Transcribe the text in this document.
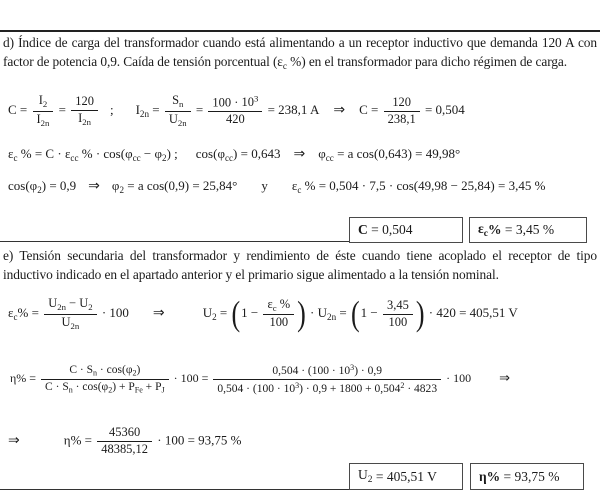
d) Índice de carga del transformador cuando está alimentando a un receptor inductivo que demanda 120 A con factor de potencia 0,9. Caída de tensión porcentual ($\varepsilon_c$ %) en el transformador para dicho régimen de carga.
$C = \frac{I_2}{I_{2n}} = \frac{120}{I_{2n}}$ ; $I_{2n} = \frac{S_n}{U_{2n}} = \frac{100 \cdot 10^3}{420} = 238,1$ A ⇒ $C = \frac{120}{238,1} = 0,504$
$\varepsilon_c$ % = $C \cdot \varepsilon_{cc}$ % · $\cos(\varphi_{cc} - \varphi_2)$ ; $\cos(\varphi_{cc}) = 0,643$ ⇒ $\varphi_{cc} = a$ cos(0,643) = 49,98°
$\cos(\varphi_2) = 0,9$ ⇒ $\varphi_2 = a$ cos(0,9) = 25,84° y $\varepsilon_c$ % = 0,504 · 7,5 · cos(49,98 − 25,84) = 3,45 %
C = 0,504	$\varepsilon_c$ % = 3,45 %
e) Tensión secundaria del transformador y rendimiento de éste cuando tiene acoplado el receptor de tipo inductivo indicado en el apartado anterior y el primario sigue alimentado a la tensión nominal.
$\varepsilon_c\% = \frac{U_{2n} - U_2}{U_{2n}} \cdot 100$ ⇒	$U_2 = (1 - \frac{\varepsilon_c \%}{100}$ ) · $U_{2n} = (1 - \frac{3,45}{100}$ ) · 420 = 405,51 V
$\eta\% = \frac{C \cdot S_n \cdot \cos(\varphi_2)}{C \cdot S_n \cdot \cos(\varphi_2) + P_{Fe} + P_J} \cdot 100 = \frac{0,504 \cdot (100 \cdot 10^3) \cdot 0,9}{0,504 \cdot (100 \cdot 10^3) \cdot 0,9 + 1800 + 0,504^2 \cdot 4823} \cdot 100$ ⇒
⇒	$\eta\% = \frac{45360}{48385,12} \cdot 100 = 93,75$ %
$U_2 = 405,51$ V	η% = 93,75 %
